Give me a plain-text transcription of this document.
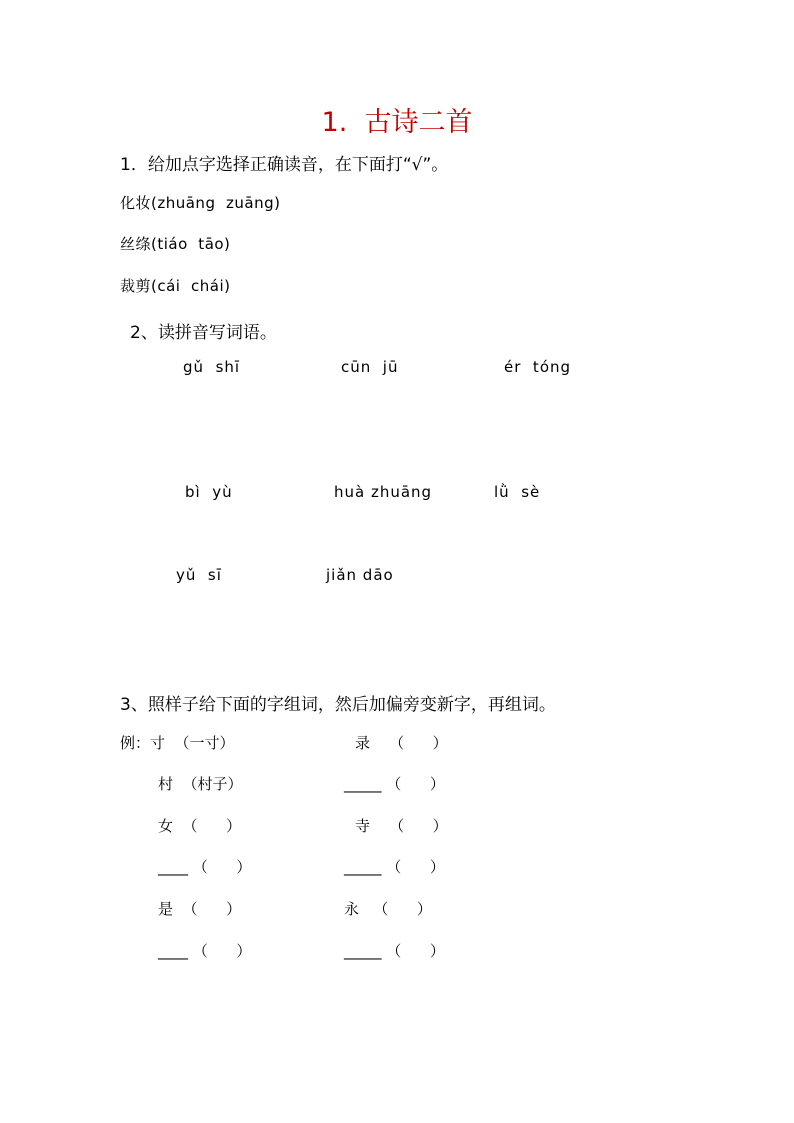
1.  古诗二首
1．给加点字选择正确读音，在下面打“√”。
化妆(zhuāng  zuāng)
丝绦(tiáo  tāo)
裁剪(cái  chái)
2、读拼音写词语。
gǔ  shī	cūn  jū	ér  tóng
bì  yù	huà zhuāng	lǜ  sè
yǔ  sī	jiǎn dāo
3、照样子给下面的字组词，然后加偏旁变新字，再组词。
例：寸  （一寸）	录    （      ）
村  （村子）	_____ （      ）
女  （      ）	寺    （      ）
____ （      ）	_____ （      ）
是  （      ）	永   （      ）
____ （      ）	_____ （      ）
